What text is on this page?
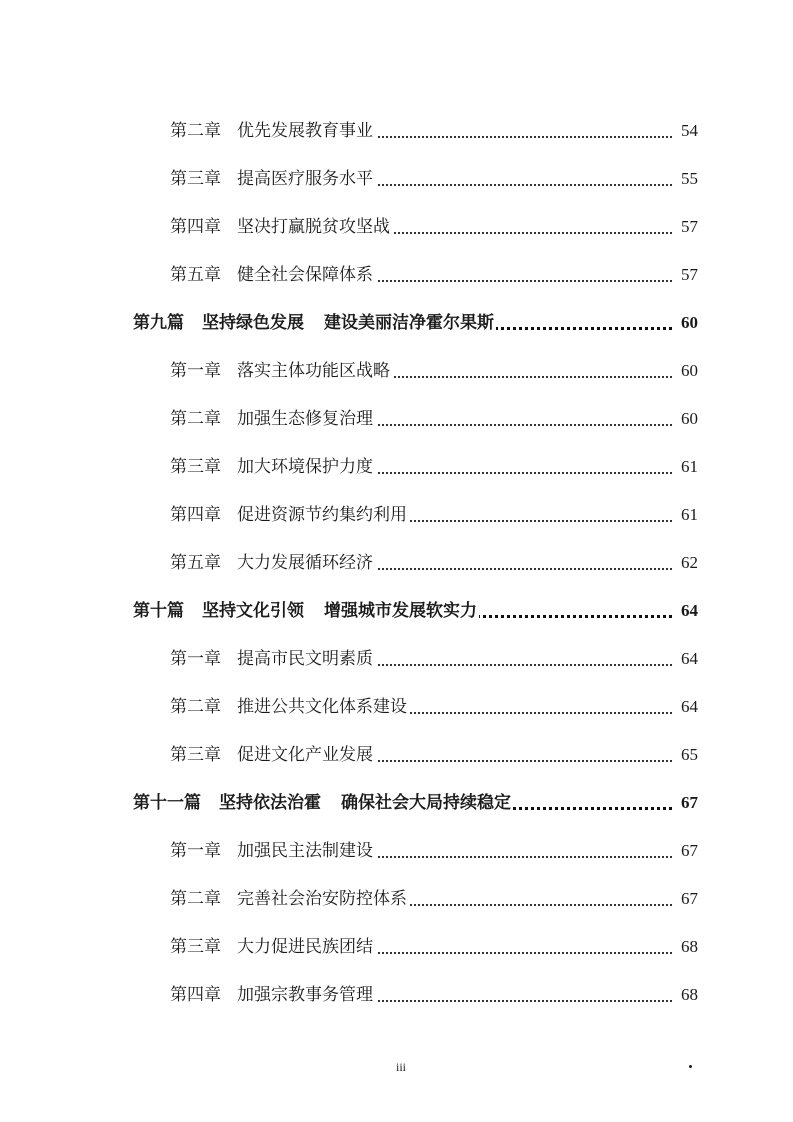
第二章 优先发展教育事业	54
第三章 提高医疗服务水平	55
第四章 坚决打赢脱贫攻坚战	57
第五章 健全社会保障体系	57
第九篇 坚持绿色发展 建设美丽洁净霍尔果斯	60
第一章 落实主体功能区战略	60
第二章 加强生态修复治理	60
第三章 加大环境保护力度	61
第四章 促进资源节约集约利用	61
第五章 大力发展循环经济	62
第十篇 坚持文化引领 增强城市发展软实力	64
第一章 提高市民文明素质	64
第二章 推进公共文化体系建设	64
第三章 促进文化产业发展	65
第十一篇 坚持依法治霍 确保社会大局持续稳定	67
第一章 加强民主法制建设	67
第二章 完善社会治安防控体系	67
第三章 大力促进民族团结	68
第四章 加强宗教事务管理	68
iii
